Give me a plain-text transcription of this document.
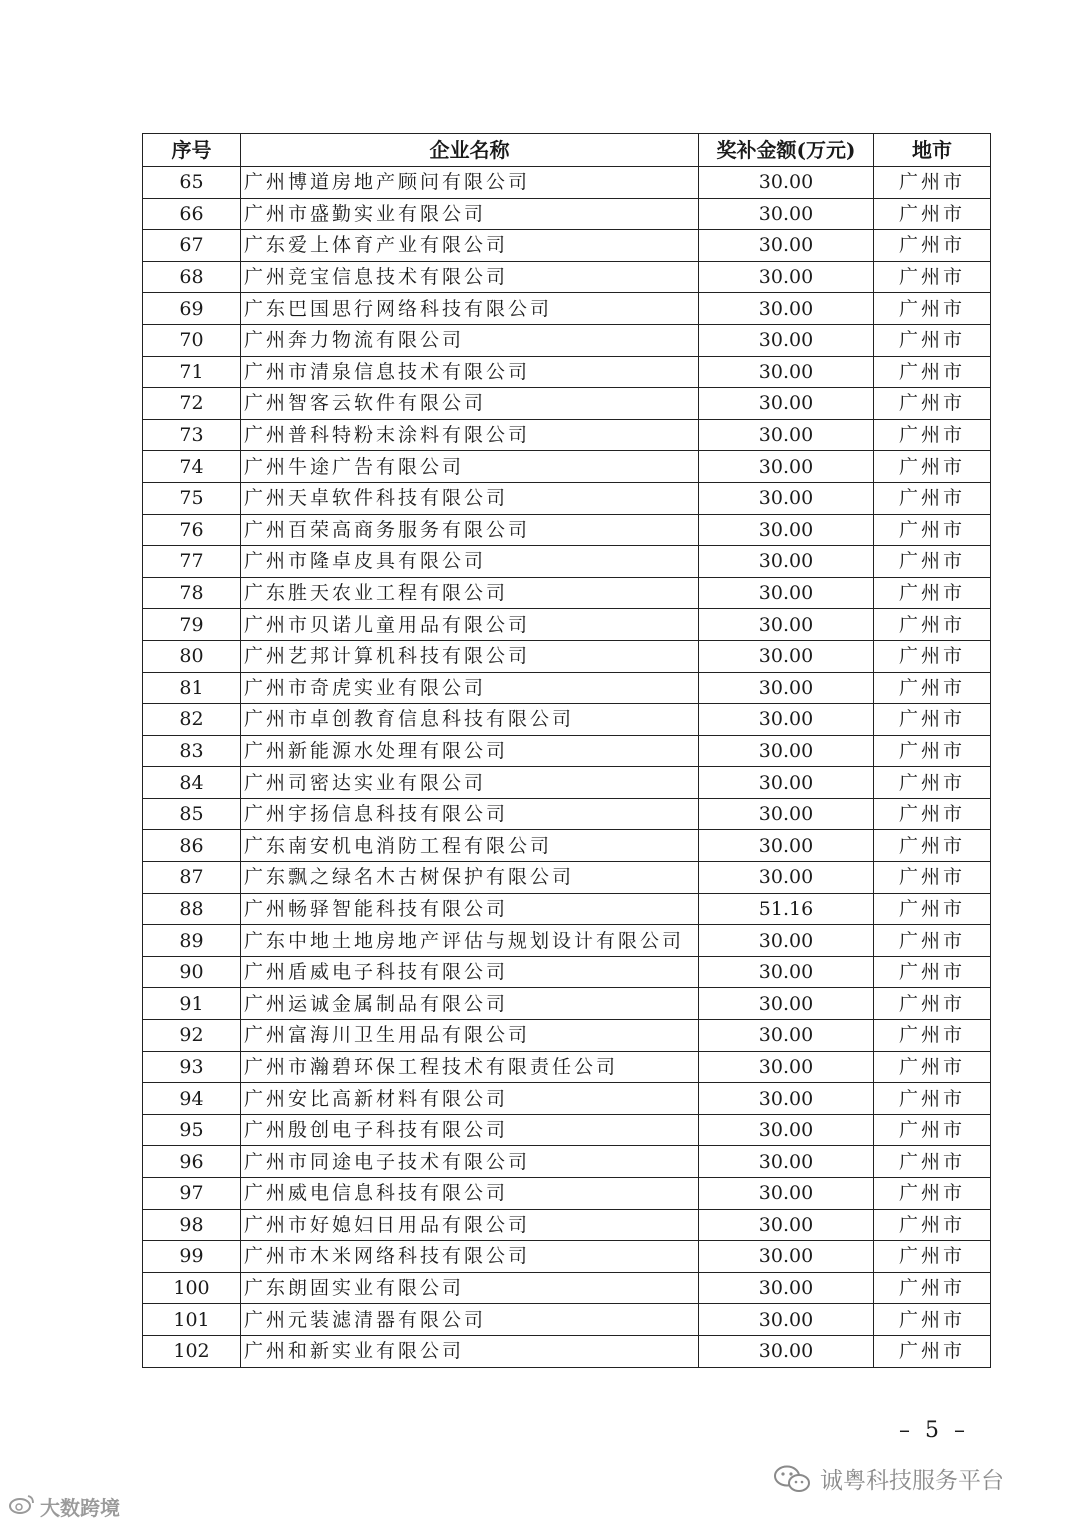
序号	企业名称	奖补金额(万元)	地市
65	广州博道房地产顾问有限公司	30.00	广州市
66	广州市盛勤实业有限公司	30.00	广州市
67	广东爱上体育产业有限公司	30.00	广州市
68	广州竞宝信息技术有限公司	30.00	广州市
69	广东巴国思行网络科技有限公司	30.00	广州市
70	广州奔力物流有限公司	30.00	广州市
71	广州市清泉信息技术有限公司	30.00	广州市
72	广州智客云软件有限公司	30.00	广州市
73	广州普科特粉末涂料有限公司	30.00	广州市
74	广州牛途广告有限公司	30.00	广州市
75	广州天卓软件科技有限公司	30.00	广州市
76	广州百荣高商务服务有限公司	30.00	广州市
77	广州市隆卓皮具有限公司	30.00	广州市
78	广东胜天农业工程有限公司	30.00	广州市
79	广州市贝诺儿童用品有限公司	30.00	广州市
80	广州艺邦计算机科技有限公司	30.00	广州市
81	广州市奇虎实业有限公司	30.00	广州市
82	广州市卓创教育信息科技有限公司	30.00	广州市
83	广州新能源水处理有限公司	30.00	广州市
84	广州司密达实业有限公司	30.00	广州市
85	广州宇扬信息科技有限公司	30.00	广州市
86	广东南安机电消防工程有限公司	30.00	广州市
87	广东飘之绿名木古树保护有限公司	30.00	广州市
88	广州畅驿智能科技有限公司	51.16	广州市
89	广东中地土地房地产评估与规划设计有限公司	30.00	广州市
90	广州盾威电子科技有限公司	30.00	广州市
91	广州运诚金属制品有限公司	30.00	广州市
92	广州富海川卫生用品有限公司	30.00	广州市
93	广州市瀚碧环保工程技术有限责任公司	30.00	广州市
94	广州安比高新材料有限公司	30.00	广州市
95	广州殷创电子科技有限公司	30.00	广州市
96	广州市同途电子技术有限公司	30.00	广州市
97	广州威电信息科技有限公司	30.00	广州市
98	广州市好媳妇日用品有限公司	30.00	广州市
99	广州市木米网络科技有限公司	30.00	广州市
100	广东朗固实业有限公司	30.00	广州市
101	广州元装滤清器有限公司	30.00	广州市
102	广州和新实业有限公司	30.00	广州市
– 5 –
大数跨境
诚粤科技服务平台
